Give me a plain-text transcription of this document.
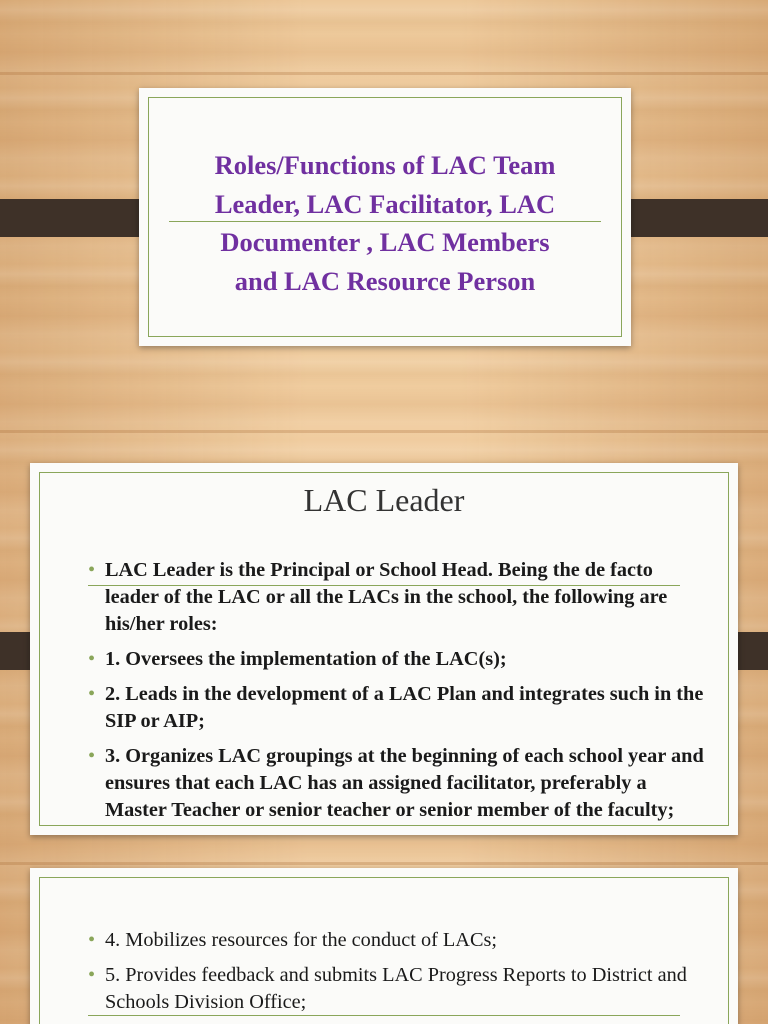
Roles/Functions of LAC Team
Leader, LAC Facilitator, LAC
Documenter , LAC Members
and LAC Resource Person
LAC Leader
• LAC Leader is the Principal or School Head. Being the de facto leader of the LAC or all the LACs in the school, the following are his/her roles:
• 1. Oversees the implementation of the LAC(s);
• 2. Leads in the development of a LAC Plan and integrates such in the SIP or AIP;
• 3. Organizes LAC groupings at the beginning of each school year and ensures that each LAC has an assigned facilitator, preferably a Master Teacher or senior teacher or senior member of the faculty;
• 4. Mobilizes resources for the conduct of LACs;
• 5. Provides feedback and submits LAC Progress Reports to District and Schools Division Office;
